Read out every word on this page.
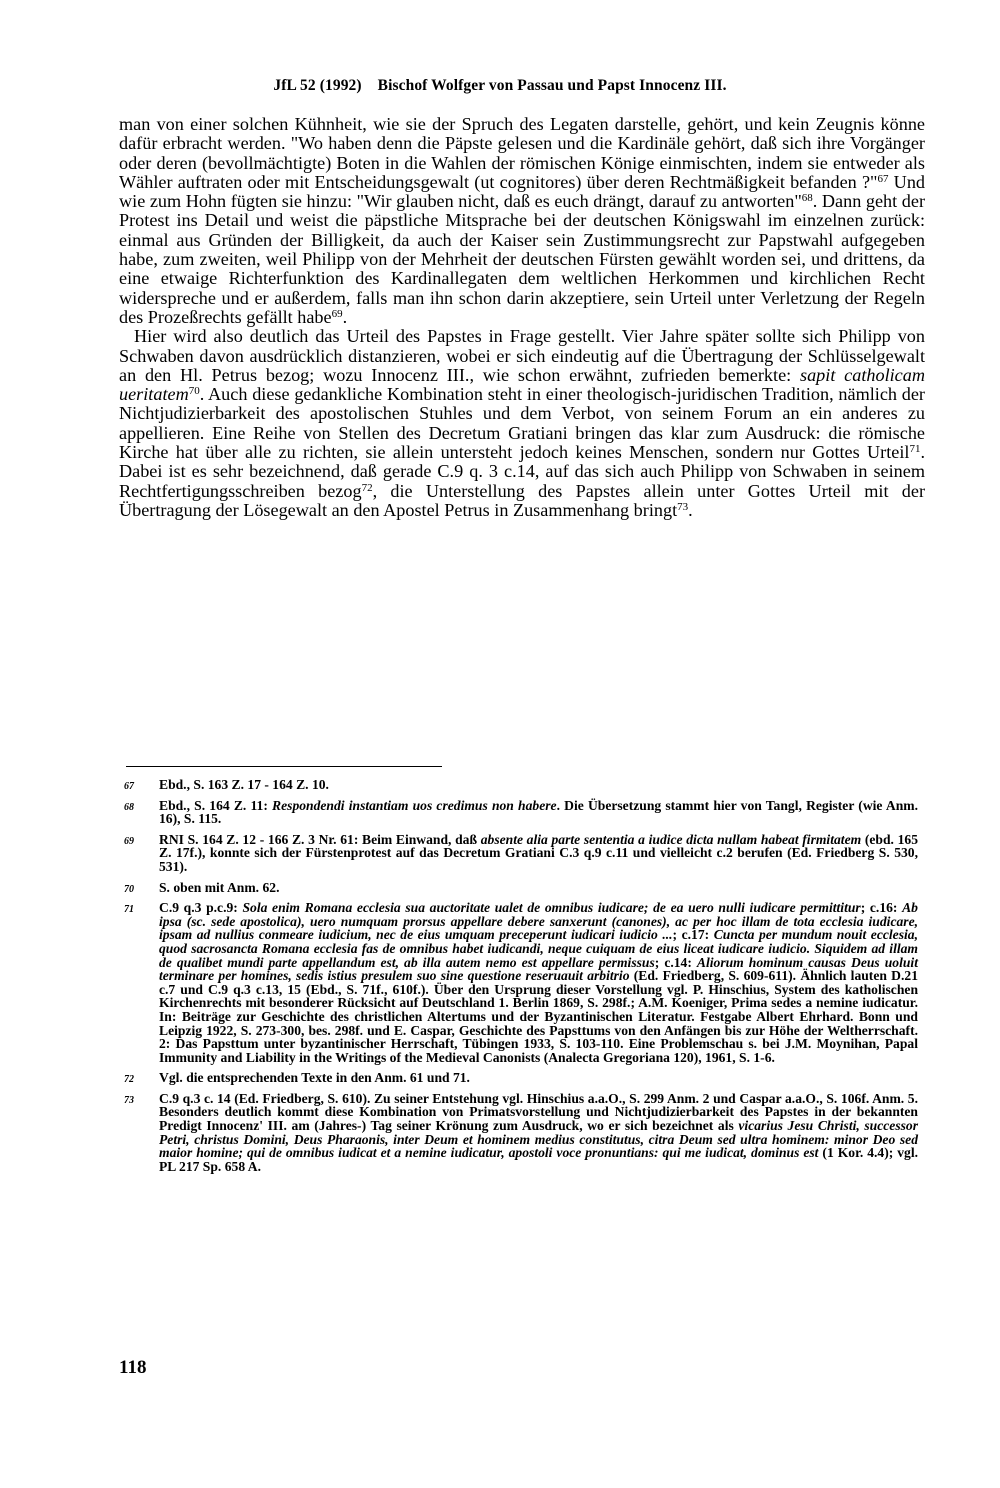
JfL 52 (1992) Bischof Wolfger von Passau und Papst Innocenz III.

man von einer solchen Kühnheit, wie sie der Spruch des Legaten darstelle, gehört, und kein Zeugnis könne dafür erbracht werden. "Wo haben denn die Päpste gelesen und die Kardinäle gehört, daß sich ihre Vorgänger oder deren (bevollmächtigte) Boten in die Wahlen der römischen Könige einmischten, indem sie entweder als Wähler auftraten oder mit Entscheidungsgewalt (ut cognitores) über deren Rechtmäßigkeit befanden ?"$^{67}$ Und wie zum Hohn fügten sie hinzu: "Wir glauben nicht, daß es euch drängt, darauf zu antworten"$^{68}$. Dann geht der Protest ins Detail und weist die päpstliche Mitsprache bei der deutschen Königswahl im einzelnen zurück: einmal aus Gründen der Billigkeit, da auch der Kaiser sein Zustimmungsrecht zur Papstwahl aufgegeben habe, zum zweiten, weil Philipp von der Mehrheit der deutschen Fürsten gewählt worden sei, und drittens, da eine etwaige Richterfunktion des Kardinallegaten dem weltlichen Herkommen und kirchlichen Recht widerspreche und er außerdem, falls man ihn schon darin akzeptiere, sein Urteil unter Verletzung der Regeln des Prozeßrechts gefällt habe$^{69}$.

Hier wird also deutlich das Urteil des Papstes in Frage gestellt. Vier Jahre später sollte sich Philipp von Schwaben davon ausdrücklich distanzieren, wobei er sich eindeutig auf die Übertragung der Schlüsselgewalt an den Hl. Petrus bezog; wozu Innocenz III., wie schon erwähnt, zufrieden bemerkte: sapit catholicam ueritatem$^{70}$. Auch diese gedankliche Kombination steht in einer theologisch-juridischen Tradition, nämlich der Nichtjudizierbarkeit des apostolischen Stuhles und dem Verbot, von seinem Forum an ein anderes zu appellieren. Eine Reihe von Stellen des Decretum Gratiani bringen das klar zum Ausdruck: die römische Kirche hat über alle zu richten, sie allein untersteht jedoch keines Menschen, sondern nur Gottes Urteil$^{71}$. Dabei ist es sehr bezeichnend, daß gerade C.9 q. 3 c.14, auf das sich auch Philipp von Schwaben in seinem Rechtfertigungsschreiben bezog$^{72}$, die Unterstellung des Papstes allein unter Gottes Urteil mit der Übertragung der Lösegewalt an den Apostel Petrus in Zusammenhang bringt$^{73}$.

67 Ebd., S. 163 Z. 17 - 164 Z. 10.
68 Ebd., S. 164 Z. 11: Respondendi instantiam uos credimus non habere. Die Übersetzung stammt hier von Tangl, Register (wie Anm. 16), S. 115.
69 RNI S. 164 Z. 12 - 166 Z. 3 Nr. 61: Beim Einwand, daß absente alia parte sententia a iudice dicta nullam habeat firmitatem (ebd. 165 Z. 17f.), konnte sich der Fürstenprotest auf das Decretum Gratiani C.3 q.9 c.11 und vielleicht c.2 berufen (Ed. Friedberg S. 530, 531).
70 S. oben mit Anm. 62.
71 C.9 q.3 p.c.9: Sola enim Romana ecclesia sua auctoritate ualet de omnibus iudicare; de ea uero nulli iudicare permittitur; c.16: Ab ipsa (sc. sede apostolica), uero numquam prorsus appellare debere sanxerunt (canones), ac per hoc illam de tota ecclesia iudicare, ipsam ad nullius conmeare iudicium, nec de eius umquam preceperunt iudicari iudicio ...; c.17: Cuncta per mundum nouit ecclesia, quod sacrosancta Romana ecclesia fas de omnibus habet iudicandi, neque cuiquam de eius liceat iudicare iudicio. Siquidem ad illam de qualibet mundi parte appellandum est, ab illa autem nemo est appellare permissus; c.14: Aliorum hominum causas Deus uoluit terminare per homines, sedis istius presulem suo sine questione reseruauit arbitrio (Ed. Friedberg, S. 609-611). Ähnlich lauten D.21 c.7 und C.9 q.3 c.13, 15 (Ebd., S. 71f., 610f.). Über den Ursprung dieser Vorstellung vgl. P. Hinschius, System des katholischen Kirchenrechts mit besonderer Rücksicht auf Deutschland 1. Berlin 1869, S. 298f.; A.M. Koeniger, Prima sedes a nemine iudicatur. In: Beiträge zur Geschichte des christlichen Altertums und der Byzantinischen Literatur. Festgabe Albert Ehrhard. Bonn und Leipzig 1922, S. 273-300, bes. 298f. und E. Caspar, Geschichte des Papsttums von den Anfängen bis zur Höhe der Weltherrschaft. 2: Das Papsttum unter byzantinischer Herrschaft, Tübingen 1933, S. 103-110. Eine Problemschau s. bei J.M. Moynihan, Papal Immunity and Liability in the Writings of the Medieval Canonists (Analecta Gregoriana 120), 1961, S. 1-6.
72 Vgl. die entsprechenden Texte in den Anm. 61 und 71.
73 C.9 q.3 c. 14 (Ed. Friedberg, S. 610). Zu seiner Entstehung vgl. Hinschius a.a.O., S. 299 Anm. 2 und Caspar a.a.O., S. 106f. Anm. 5. Besonders deutlich kommt diese Kombination von Primatsvorstellung und Nichtjudizierbarkeit des Papstes in der bekannten Predigt Innocenz' III. am (Jahres-) Tag seiner Krönung zum Ausdruck, wo er sich bezeichnet als vicarius Jesu Christi, successor Petri, christus Domini, Deus Pharaonis, inter Deum et hominem medius constitutus, citra Deum sed ultra hominem: minor Deo sed maior homine; qui de omnibus iudicat et a nemine iudicatur, apostoli voce pronuntians: qui me iudicat, dominus est (1 Kor. 4.4); vgl. PL 217 Sp. 658 A.
118
